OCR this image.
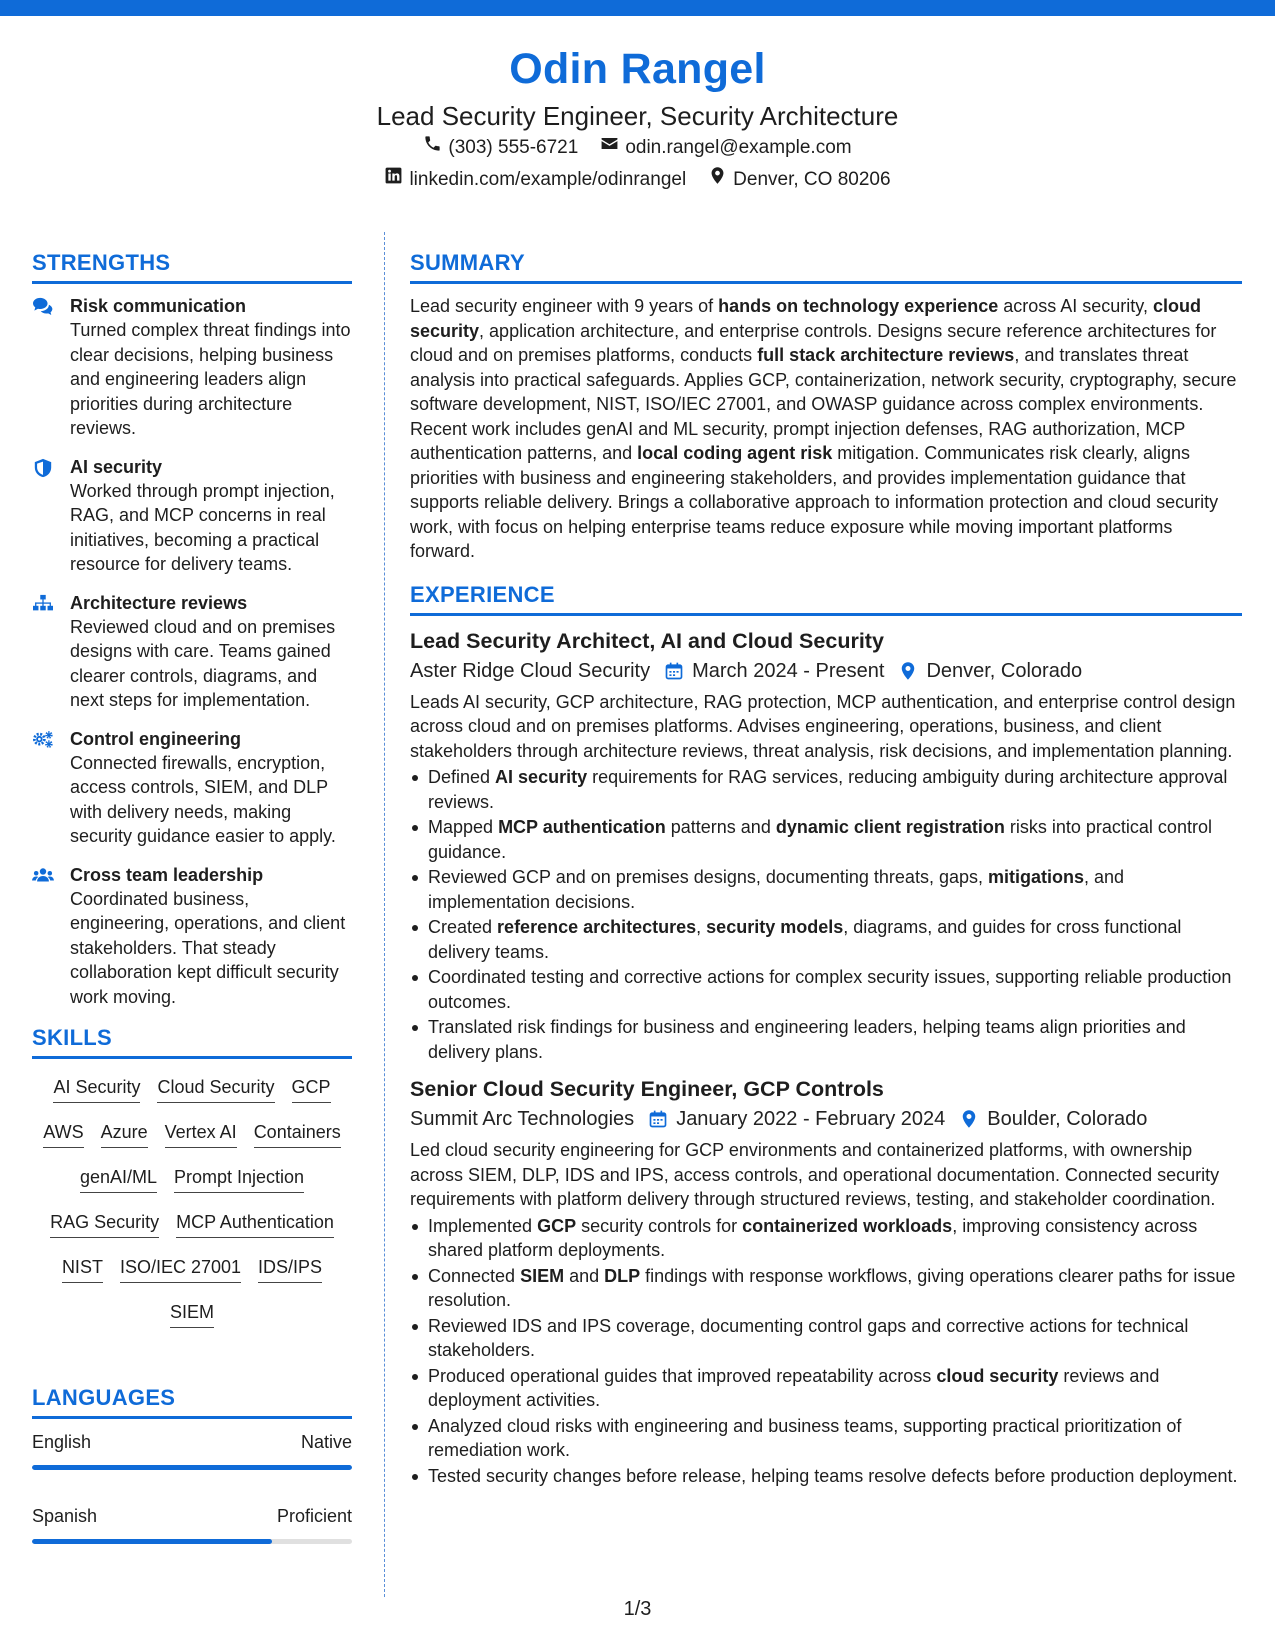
Odin Rangel
Lead Security Engineer, Security Architecture
(303) 555-6721 odin.rangel@example.com
linkedin.com/example/odinrangel Denver, CO 80206
STRENGTHS
Risk communication
Turned complex threat findings into clear decisions, helping business and engineering leaders align priorities during architecture reviews.
AI security
Worked through prompt injection, RAG, and MCP concerns in real initiatives, becoming a practical resource for delivery teams.
Architecture reviews
Reviewed cloud and on premises designs with care. Teams gained clearer controls, diagrams, and next steps for implementation.
Control engineering
Connected firewalls, encryption, access controls, SIEM, and DLP with delivery needs, making security guidance easier to apply.
Cross team leadership
Coordinated business, engineering, operations, and client stakeholders. That steady collaboration kept difficult security work moving.
SKILLS
AI Security Cloud Security GCP
AWS Azure Vertex AI Containers
genAI/ML Prompt Injection
RAG Security MCP Authentication
NIST ISO/IEC 27001 IDS/IPS
SIEM
LANGUAGES
English	Native
Spanish	Proficient
SUMMARY
Lead security engineer with 9 years of hands on technology experience across AI security, cloud security, application architecture, and enterprise controls. Designs secure reference architectures for cloud and on premises platforms, conducts full stack architecture reviews, and translates threat analysis into practical safeguards. Applies GCP, containerization, network security, cryptography, secure software development, NIST, ISO/IEC 27001, and OWASP guidance across complex environments. Recent work includes genAI and ML security, prompt injection defenses, RAG authorization, MCP authentication patterns, and local coding agent risk mitigation. Communicates risk clearly, aligns priorities with business and engineering stakeholders, and provides implementation guidance that supports reliable delivery. Brings a collaborative approach to information protection and cloud security work, with focus on helping enterprise teams reduce exposure while moving important platforms forward.
EXPERIENCE
Lead Security Architect, AI and Cloud Security
Aster Ridge Cloud Security March 2024 - Present Denver, Colorado
Leads AI security, GCP architecture, RAG protection, MCP authentication, and enterprise control design across cloud and on premises platforms. Advises engineering, operations, business, and client stakeholders through architecture reviews, threat analysis, risk decisions, and implementation planning.
Defined AI security requirements for RAG services, reducing ambiguity during architecture approval reviews.
Mapped MCP authentication patterns and dynamic client registration risks into practical control guidance.
Reviewed GCP and on premises designs, documenting threats, gaps, mitigations, and implementation decisions.
Created reference architectures, security models, diagrams, and guides for cross functional delivery teams.
Coordinated testing and corrective actions for complex security issues, supporting reliable production outcomes.
Translated risk findings for business and engineering leaders, helping teams align priorities and delivery plans.
Senior Cloud Security Engineer, GCP Controls
Summit Arc Technologies January 2022 - February 2024 Boulder, Colorado
Led cloud security engineering for GCP environments and containerized platforms, with ownership across SIEM, DLP, IDS and IPS, access controls, and operational documentation. Connected security requirements with platform delivery through structured reviews, testing, and stakeholder coordination.
Implemented GCP security controls for containerized workloads, improving consistency across shared platform deployments.
Connected SIEM and DLP findings with response workflows, giving operations clearer paths for issue resolution.
Reviewed IDS and IPS coverage, documenting control gaps and corrective actions for technical stakeholders.
Produced operational guides that improved repeatability across cloud security reviews and deployment activities.
Analyzed cloud risks with engineering and business teams, supporting practical prioritization of remediation work.
Tested security changes before release, helping teams resolve defects before production deployment.
1/3
